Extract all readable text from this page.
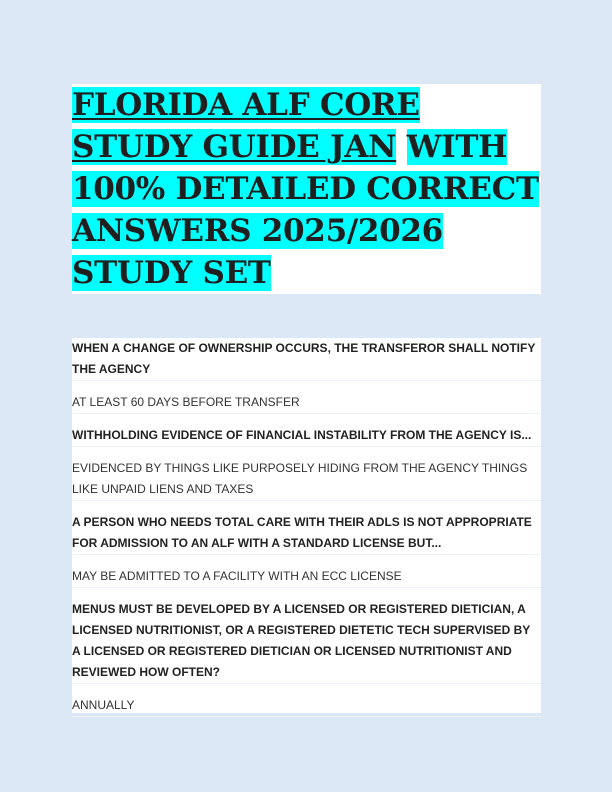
FLORIDA ALF CORE STUDY GUIDE JAN WITH 100% DETAILED CORRECT ANSWERS 2025/2026 STUDY SET

WHEN A CHANGE OF OWNERSHIP OCCURS, THE TRANSFEROR SHALL NOTIFY THE AGENCY

AT LEAST 60 DAYS BEFORE TRANSFER

WITHHOLDING EVIDENCE OF FINANCIAL INSTABILITY FROM THE AGENCY IS...

EVIDENCED BY THINGS LIKE PURPOSELY HIDING FROM THE AGENCY THINGS LIKE UNPAID LIENS AND TAXES

A PERSON WHO NEEDS TOTAL CARE WITH THEIR ADLS IS NOT APPROPRIATE FOR ADMISSION TO AN ALF WITH A STANDARD LICENSE BUT...

MAY BE ADMITTED TO A FACILITY WITH AN ECC LICENSE

MENUS MUST BE DEVELOPED BY A LICENSED OR REGISTERED DIETICIAN, A LICENSED NUTRITIONIST, OR A REGISTERED DIETETIC TECH SUPERVISED BY A LICENSED OR REGISTERED DIETICIAN OR LICENSED NUTRITIONIST AND REVIEWED HOW OFTEN?

ANNUALLY
